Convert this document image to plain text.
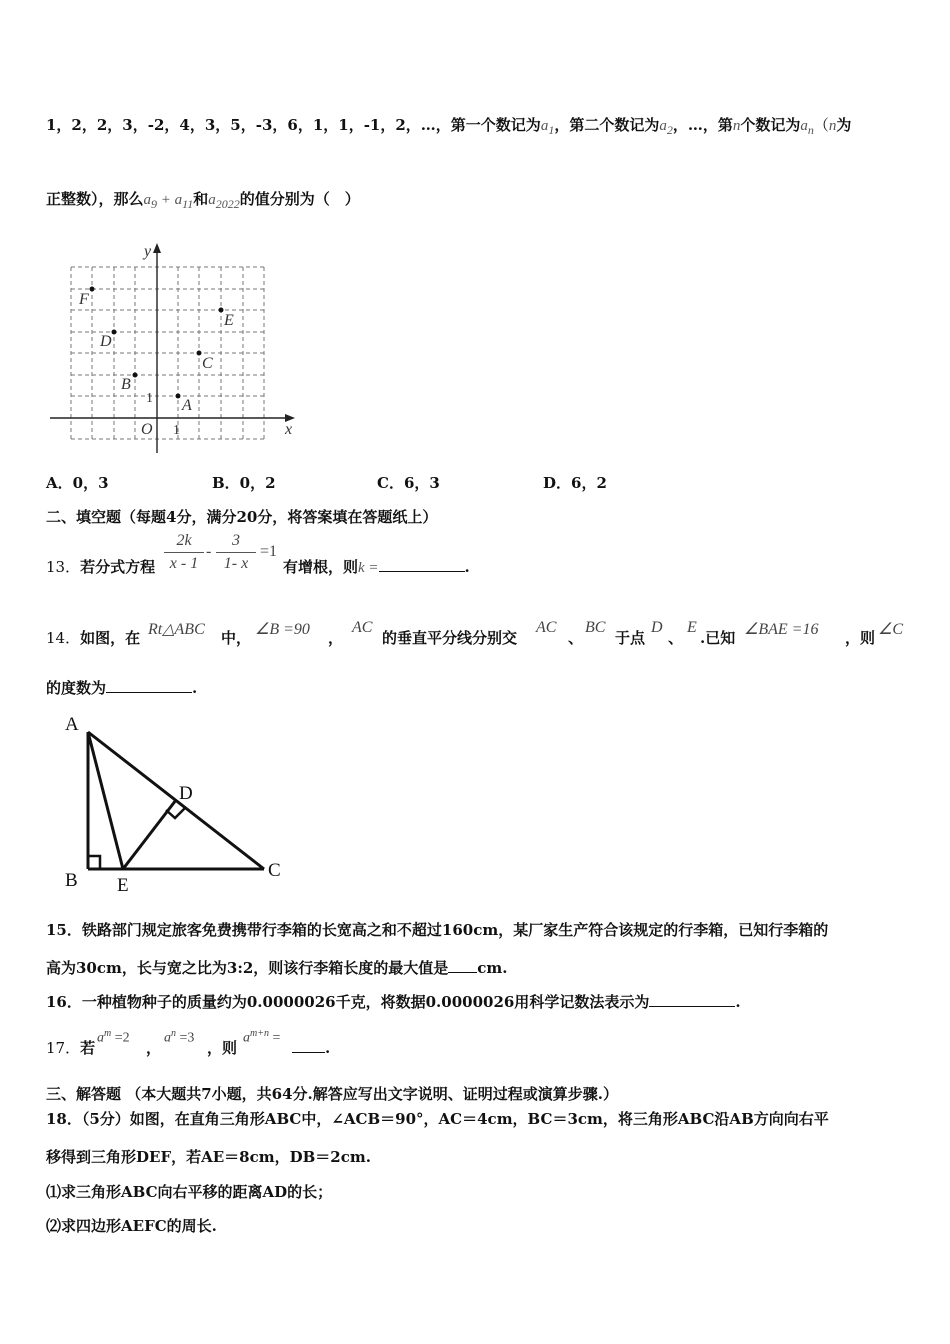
1，2，2，3，-2，4，3，5，-3，6，1，1，-1，2，…，第一个数记为$a_1$，第二个数记为$a_2$，…，第n个数记为$a_n(n$为
正整数），那么$a_9 + a_{11}$和$a_{2022}$的值分别为（　）
y
x
O
F
E
D
C
B
A
1
1
A．0，3	B．0，2	C．6，3	D．6，2
二、填空题（每题4分，满分20分，将答案填在答题纸上）
13．若分式方程 $\frac{2k}{x - 1} - \frac{3}{1- x} =1$
有增根，则k =	.
14．如图，在 Rt△ABC 中， ∠B =90 ，
AC
的垂直平分线分别交
AC
、
BC
于点
D
、
E
.已知 ∠BAE =16 ，则 ∠C
的度数为	.
A
B E
D
C
15．铁路部门规定旅客免费携带行李箱的长宽高之和不超过160cm，某厂家生产符合该规定的行李箱，已知行李箱的
高为30cm，长与宽之比为3:2，则该行李箱长度的最大值是 cm.
16．一种植物种子的质量约为0.0000026千克，将数据0.0000026用科学记数法表示为	.
17．若
$a^m =2$
，
$a^n =3$
，则
$a^{m+n}$ =
.
三、解答题 （本大题共7小题，共64分.解答应写出文字说明、证明过程或演算步骤.）
18．（5分）如图，在直角三角形ABC中，∠ACB＝90°，AC＝4cm，BC＝3cm，将三角形ABC沿AB方向向右平
移得到三角形DEF，若AE＝8cm，DB＝2cm.
⑴求三角形ABC向右平移的距离AD的长；
⑵求四边形AEFC的周长.
